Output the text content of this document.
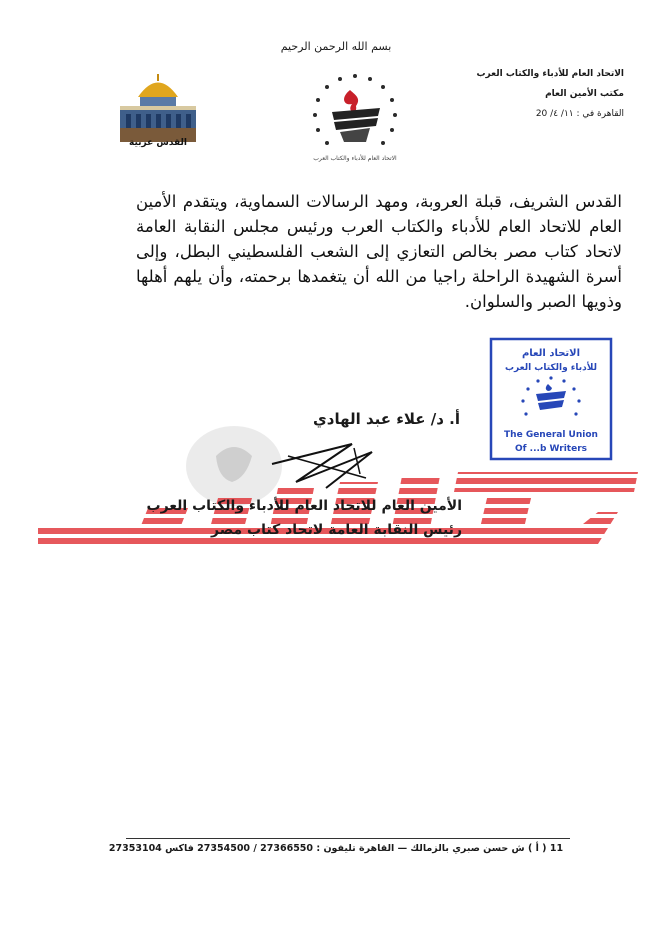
بسم الله الرحمن الرحيم
الاتحاد العام للأدباء والكتاب العرب
مكتب الأمين العام
القاهرة في : ١١/ ٤/ 20
الاتحاد العام للأدباء والكتاب العرب
القدس عربية

القدس الشريف، قبلة العروبة، ومهد الرسالات السماوية، ويتقدم الأمين العام للاتحاد العام للأدباء والكتاب العرب ورئيس مجلس النقابة العامة لاتحاد كتاب مصر بخالص التعازي إلى الشعب الفلسطيني البطل، وإلى أسرة الشهيدة الراحلة راجيا من الله أن يتغمدها برحمته، وأن يلهم أهلها وذويها الصبر والسلوان.

الاتحاد العام
للأدباء والكتاب العرب
The General Union
Of ...b Writers
أ. د/ علاء عبد الهادي
الأمين العام للاتحاد العام للأدباء والكتاب العرب
رئيس النقابة العامة لاتحاد كتاب مصر
11 ( أ ) ش حسن صبري بالزمالك — القاهرة تليفون : 27366550 / 27354500 فاكس 27353104
